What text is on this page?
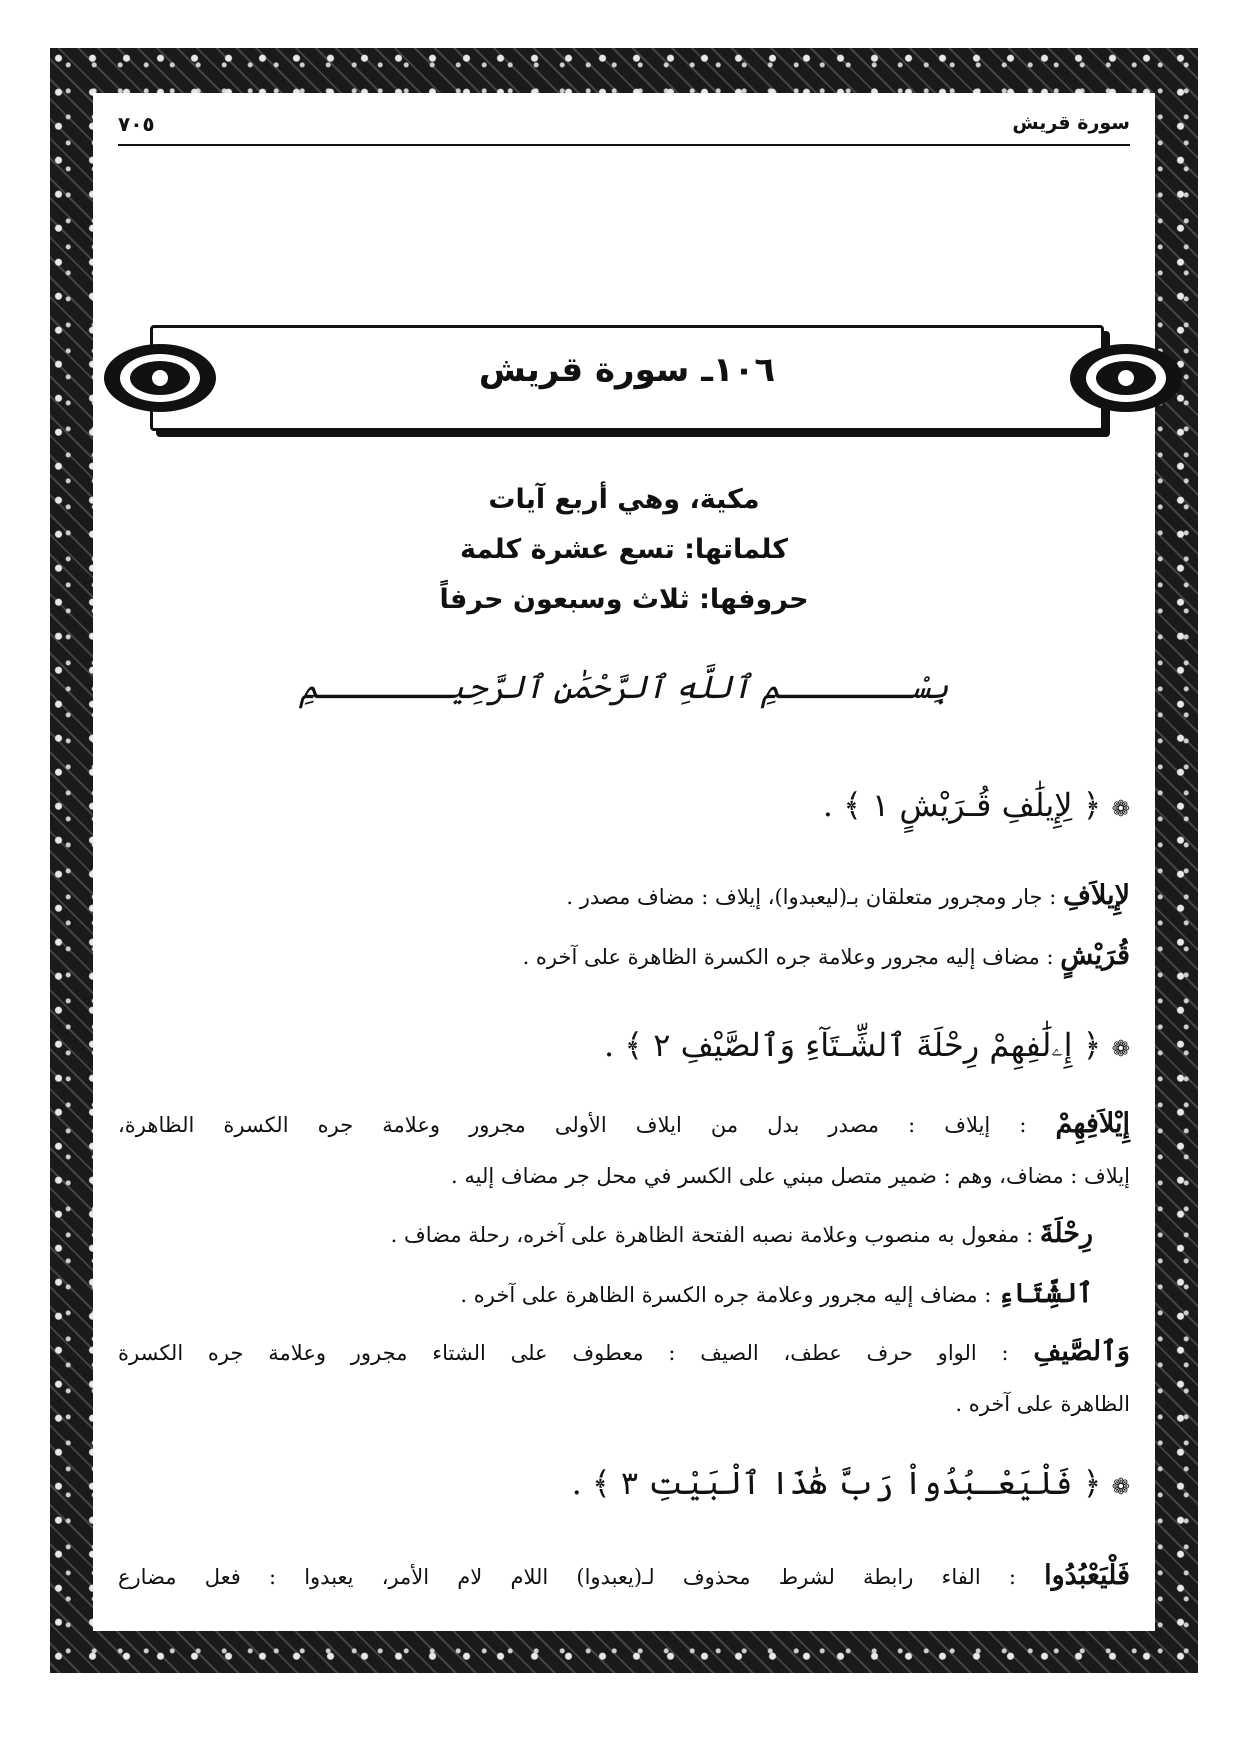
سورة قريش
٧٠٥
١٠٦ـ سورة قريش
مكية، وهي أربع آيات
كلماتها: تسع عشرة كلمة
حروفها: ثلاث وسبعون حرفاً
بِسْـــــــمِ ٱللَّهِ ٱلرَّحْمَٰنِ ٱلرَّحِيـــــــمِ
❁ ﴿ لِإِيلَٰفِ قُـرَيْشٍ ١ ﴾ .
لإِيلاَفِ : جار ومجرور متعلقان بـ(ليعبدوا)، إيلاف : مضاف مصدر .
قُرَيْشٍ : مضاف إليه مجرور وعلامة جره الكسرة الظاهرة على آخره .
❁ ﴿ إِۦلَٰفِهِمْ رِحْلَةَ ٱلشِّـتَآءِ وَٱلصَّيْفِ ٢ ﴾ .
إِيْلاَفِهِمْ : إيلاف : مصدر بدل من ايلاف الأولى مجرور وعلامة جره الكسرة الظاهرة،
إيلاف : مضاف، وهم : ضمير متصل مبني على الكسر في محل جر مضاف إليه .
رِحْلَةَ : مفعول به منصوب وعلامة نصبه الفتحة الظاهرة على آخره، رحلة مضاف .
ٱلشِّتَاءِ : مضاف إليه مجرور وعلامة جره الكسرة الظاهرة على آخره .
وَٱلصَّيفِ : الواو حرف عطف، الصيف : معطوف على الشتاء مجرور وعلامة جره الكسرة
الظاهرة على آخره .
❁ ﴿ فَلْيَعْـبُدُواْ رَبَّ هَٰذَا ٱلْبَيْتِ ٣ ﴾ .
فَلْيَعْبُدُوا : الفاء رابطة لشرط محذوف لـ(يعبدوا) اللام لام الأمر، يعبدوا : فعل مضارع
